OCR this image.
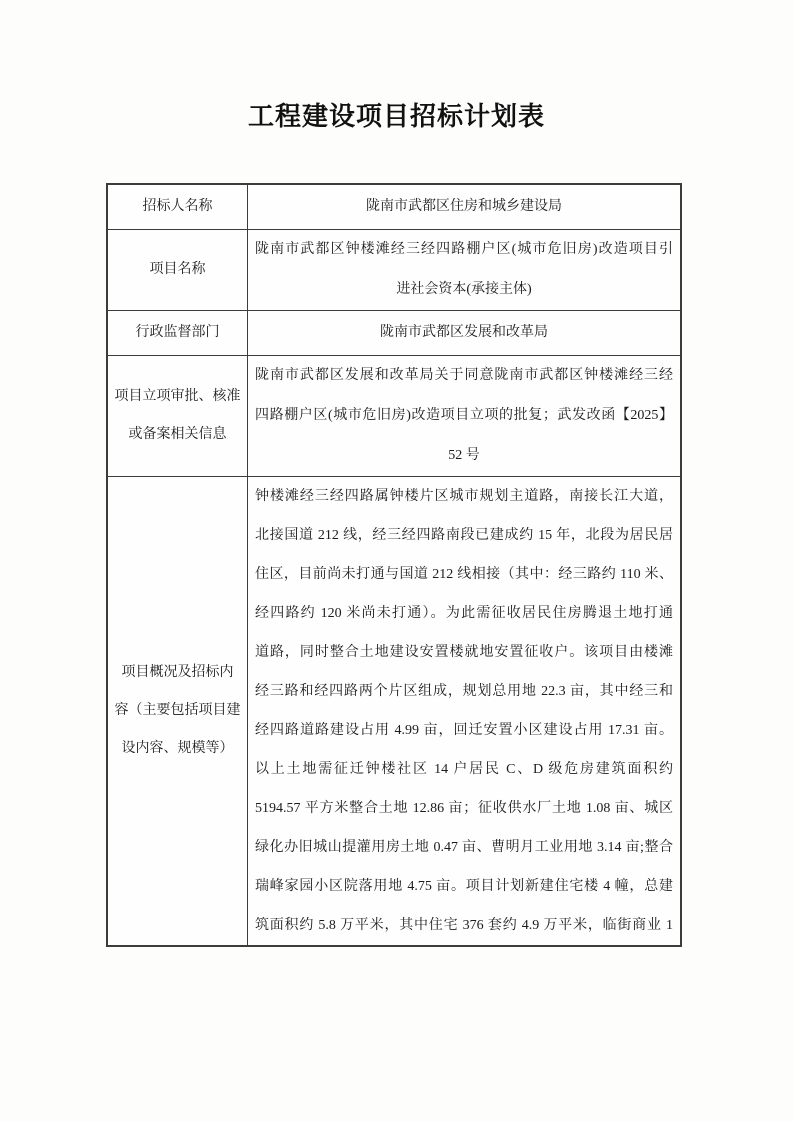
工程建设项目招标计划表
招标人名称	陇南市武都区住房和城乡建设局
项目名称
陇南市武都区钟楼滩经三经四路棚户区(城市危旧房)改造项目引
进社会资本(承接主体)
行政监督部门	陇南市武都区发展和改革局
项目立项审批、核准
或备案相关信息
陇南市武都区发展和改革局关于同意陇南市武都区钟楼滩经三经
四路棚户区(城市危旧房)改造项目立项的批复；武发改函【2025】
52 号
项目概况及招标内
容（主要包括项目建
设内容、规模等）
钟楼滩经三经四路属钟楼片区城市规划主道路，南接长江大道，
北接国道 212 线，经三经四路南段已建成约 15 年，北段为居民居
住区，目前尚未打通与国道 212 线相接（其中：经三路约 110 米、
经四路约 120 米尚未打通）。为此需征收居民住房腾退土地打通
道路，同时整合土地建设安置楼就地安置征收户。该项目由楼滩
经三路和经四路两个片区组成，规划总用地 22.3 亩，其中经三和
经四路道路建设占用 4.99 亩，回迁安置小区建设占用 17.31 亩。
以上土地需征迁钟楼社区 14 户居民 C、D 级危房建筑面积约
5194.57 平方米整合土地 12.86 亩；征收供水厂土地 1.08 亩、城区
绿化办旧城山提灌用房土地 0.47 亩、曹明月工业用地 3.14 亩;整合
瑞峰家园小区院落用地 4.75 亩。项目计划新建住宅楼 4 幢，总建
筑面积约 5.8 万平米，其中住宅 376 套约 4.9 万平米，临街商业 1
